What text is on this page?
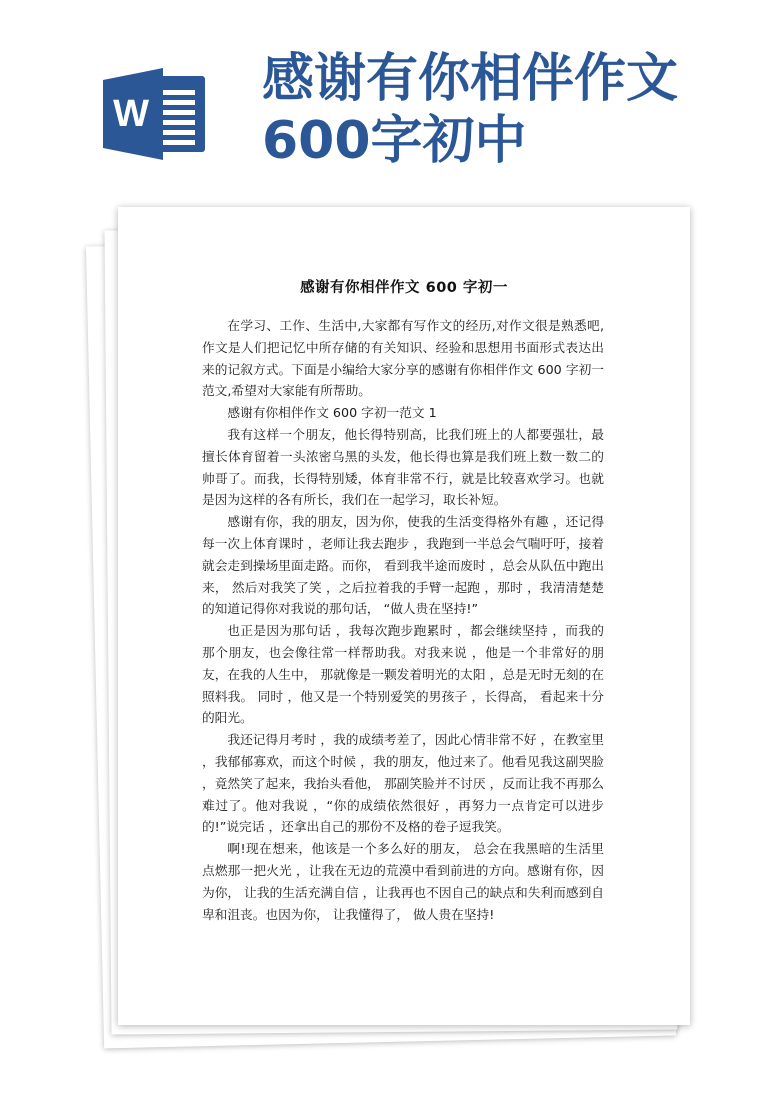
W
感谢有你相伴作文
600字初中
感谢有你相伴作文 600 字初一

在学习、工作、生活中,大家都有写作文的经历,对作文很是熟悉吧,作文是人们把记忆中所存储的有关知识、经验和思想用书面形式表达出来的记叙方式。下面是小编给大家分享的感谢有你相伴作文 600 字初一范文,希望对大家能有所帮助。

感谢有你相伴作文 600 字初一范文 1

我有这样一个朋友，他长得特别高，比我们班上的人都要强壮，最擅长体育留着一头浓密乌黑的头发，他长得也算是我们班上数一数二的帅哥了。而我，长得特别矮，体育非常不行，就是比较喜欢学习。也就是因为这样的各有所长，我们在一起学习，取长补短。

感谢有你，我的朋友，因为你，使我的生活变得格外有趣 ，还记得每一次上体育课时 ，老师让我去跑步 ，我跑到一半总会气喘吁吁，接着就会走到操场里面走路。而你， 看到我半途而废时 ，总会从队伍中跑出来， 然后对我笑了笑 ，之后拉着我的手臂一起跑 ，那时 ，我清清楚楚的知道记得你对我说的那句话， “做人贵在坚持!”

也正是因为那句话 ，我每次跑步跑累时 ，都会继续坚持 ，而我的那个朋友，也会像往常一样帮助我。对我来说 ，他是一个非常好的朋友，在我的人生中， 那就像是一颗发着明光的太阳 ，总是无时无刻的在照料我。 同时 ，他又是一个特别爱笑的男孩子 ，长得高， 看起来十分的阳光。

我还记得月考时 ，我的成绩考差了，因此心情非常不好 ，在教室里 ，我郁郁寡欢，而这个时候 ，我的朋友，他过来了。他看见我这副哭脸 ，竟然笑了起来，我抬头看他， 那副笑脸并不讨厌 ，反而让我不再那么难过了。他对我说 ，“你的成绩依然很好 ，再努力一点肯定可以进步的!”说完话 ，还拿出自己的那份不及格的卷子逗我笑。

啊!现在想来，他该是一个多么好的朋友， 总会在我黑暗的生活里点燃那一把火光 ，让我在无边的荒漠中看到前进的方向。感谢有你，因为你， 让我的生活充满自信 ，让我再也不因自己的缺点和失利而感到自卑和沮丧。也因为你， 让我懂得了， 做人贵在坚持!
